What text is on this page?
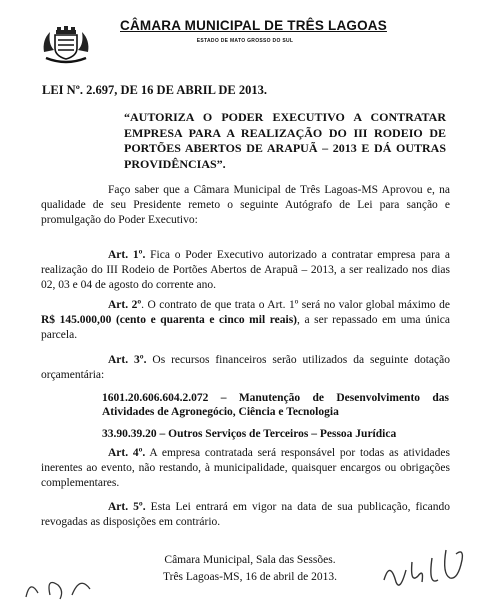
CÂMARA MUNICIPAL DE TRÊS LAGOAS
ESTADO DE MATO GROSSO DO SUL
LEI Nº. 2.697, DE 16 DE ABRIL DE 2013.
“AUTORIZA O PODER EXECUTIVO A CONTRATAR EMPRESA PARA A REALIZAÇÃO DO III RODEIO DE PORTÕES ABERTOS DE ARAPUÃ – 2013 E DÁ OUTRAS PROVIDÊNCIAS”.
Faço saber que a Câmara Municipal de Três Lagoas-MS Aprovou e, na qualidade de seu Presidente remeto o seguinte Autógrafo de Lei para sanção e promulgação do Poder Executivo:
Art. 1º. Fica o Poder Executivo autorizado a contratar empresa para a realização do III Rodeio de Portões Abertos de Arapuã – 2013, a ser realizado nos dias 02, 03 e 04 de agosto do corrente ano.
Art. 2º. O contrato de que trata o Art. 1º será no valor global máximo de R$ 145.000,00 (cento e quarenta e cinco mil reais), a ser repassado em uma única parcela.
Art. 3º. Os recursos financeiros serão utilizados da seguinte dotação orçamentária:
1601.20.606.604.2.072 – Manutenção de Desenvolvimento das Atividades de Agronegócio, Ciência e Tecnologia
33.90.39.20 – Outros Serviços de Terceiros – Pessoa Jurídica
Art. 4º. A empresa contratada será responsável por todas as atividades inerentes ao evento, não restando, à municipalidade, quaisquer encargos ou obrigações complementares.
Art. 5º. Esta Lei entrará em vigor na data de sua publicação, ficando revogadas as disposições em contrário.
Câmara Municipal, Sala das Sessões.
Três Lagoas-MS, 16 de abril de 2013.
